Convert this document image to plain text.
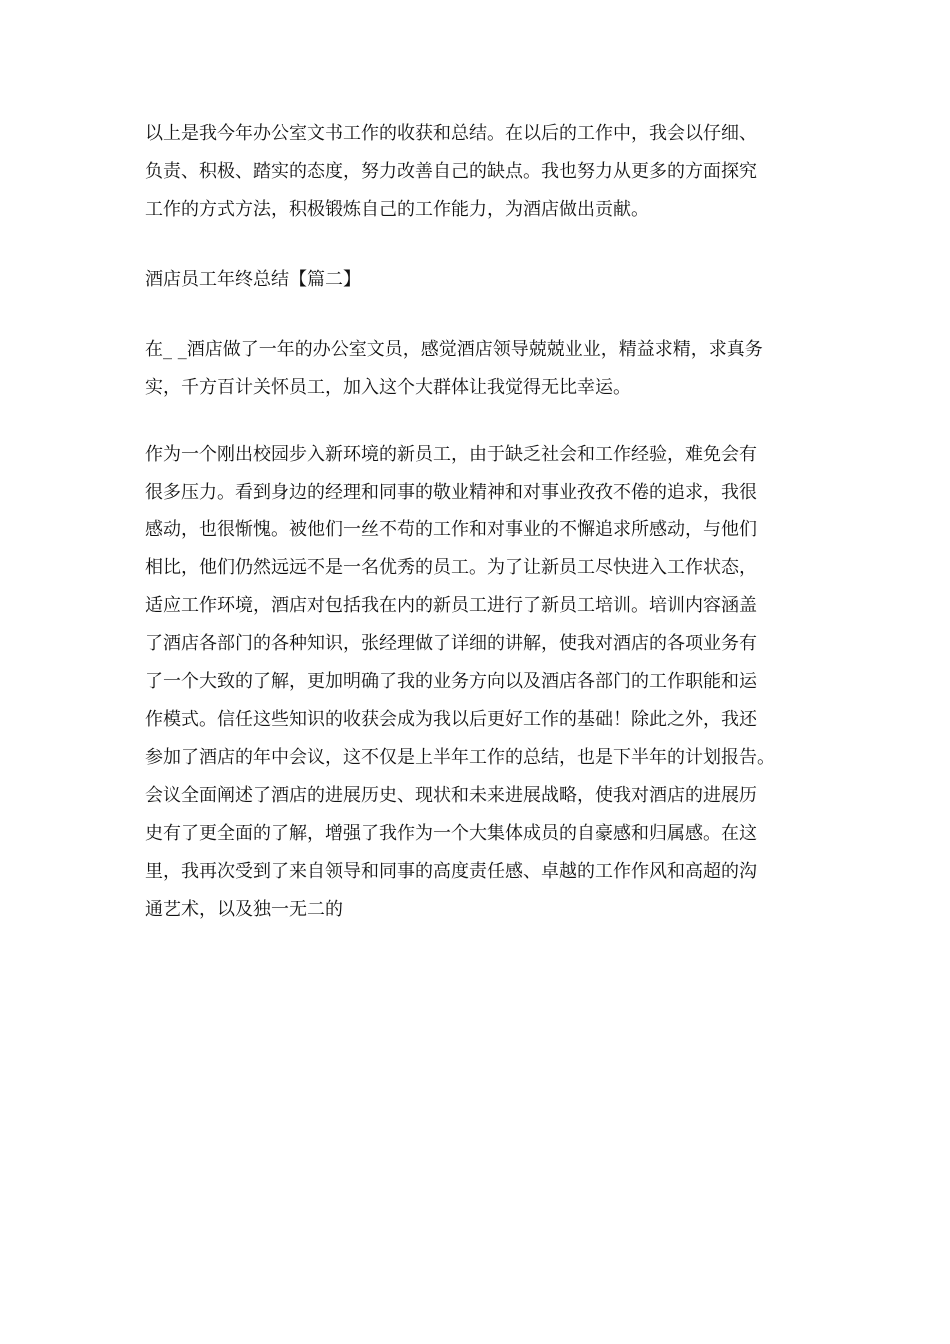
以上是我今年办公室文书工作的收获和总结。在以后的工作中，我会以仔细、
负责、积极、踏实的态度，努力改善自己的缺点。我也努力从更多的方面探究
工作的方式方法，积极锻炼自己的工作能力，为酒店做出贡献。
酒店员工年终总结【篇二】
在_ _酒店做了一年的办公室文员，感觉酒店领导兢兢业业，精益求精，求真务
实，千方百计关怀员工，加入这个大群体让我觉得无比幸运。
作为一个刚出校园步入新环境的新员工，由于缺乏社会和工作经验，难免会有
很多压力。看到身边的经理和同事的敬业精神和对事业孜孜不倦的追求，我很
感动，也很惭愧。被他们一丝不苟的工作和对事业的不懈追求所感动，与他们
相比，他们仍然远远不是一名优秀的员工。为了让新员工尽快进入工作状态，
适应工作环境，酒店对包括我在内的新员工进行了新员工培训。培训内容涵盖
了酒店各部门的各种知识，张经理做了详细的讲解，使我对酒店的各项业务有
了一个大致的了解，更加明确了我的业务方向以及酒店各部门的工作职能和运
作模式。信任这些知识的收获会成为我以后更好工作的基础！除此之外，我还
参加了酒店的年中会议，这不仅是上半年工作的总结，也是下半年的计划报告。
会议全面阐述了酒店的进展历史、现状和未来进展战略，使我对酒店的进展历
史有了更全面的了解，增强了我作为一个大集体成员的自豪感和归属感。在这
里，我再次受到了来自领导和同事的高度责任感、卓越的工作作风和高超的沟
通艺术，以及独一无二的
